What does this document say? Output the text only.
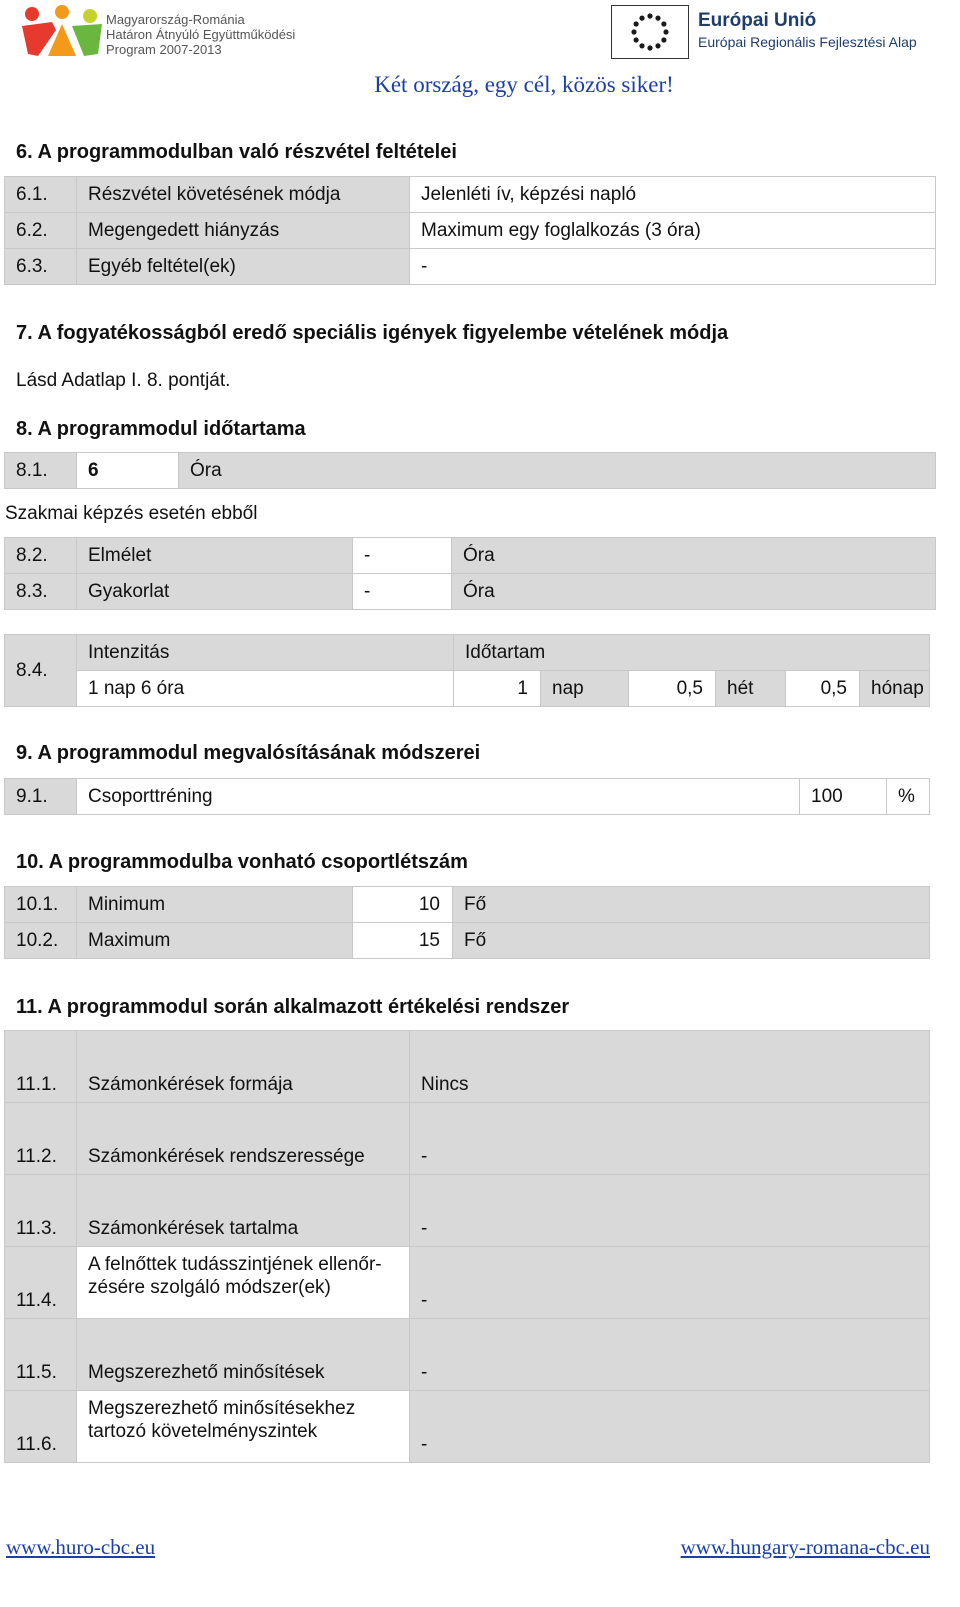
Magyarország-Románia
Határon Átnyúló Együttműködési
Program 2007-2013
Európai Unió
Európai Regionális Fejlesztési Alap
Két ország, egy cél, közös siker!
6. A programmodulban való részvétel feltételei
6.1.	Részvétel követésének módja	Jelenléti ív, képzési napló
6.2.	Megengedett hiányzás	Maximum egy foglalkozás (3 óra)
6.3.	Egyéb feltétel(ek)	-
7. A fogyatékosságból eredő speciális igények figyelembe vételének módja
Lásd Adatlap I. 8. pontját.
8. A programmodul időtartama
8.1.	6	Óra
Szakmai képzés esetén ebből
8.2.	Elmélet	-	Óra
8.3.	Gyakorlat	-	Óra
8.4.	Intenzitás	Időtartam					
	1 nap 6 óra	1	nap	0,5	hét	0,5	hónap
9. A programmodul megvalósításának módszerei
9.1.	Csoporttréning	100	%
10. A programmodulba vonható csoportlétszám
10.1.	Minimum	10	Fő
10.2.	Maximum	15	Fő
11. A programmodul során alkalmazott értékelési rendszer
11.1.	Számonkérések formája	Nincs
11.2.	Számonkérések rendszeressége	-
11.3.	Számonkérések tartalma	-
11.4.	A felnőttek tudásszintjének ellenőr-
zésére szolgáló módszer(ek)	-
11.5.	Megszerezhető minősítések	-
11.6.	Megszerezhető minősítésekhez
tartozó követelményszintek	-
www.huro-cbc.eu	www.hungary-romana-cbc.eu
